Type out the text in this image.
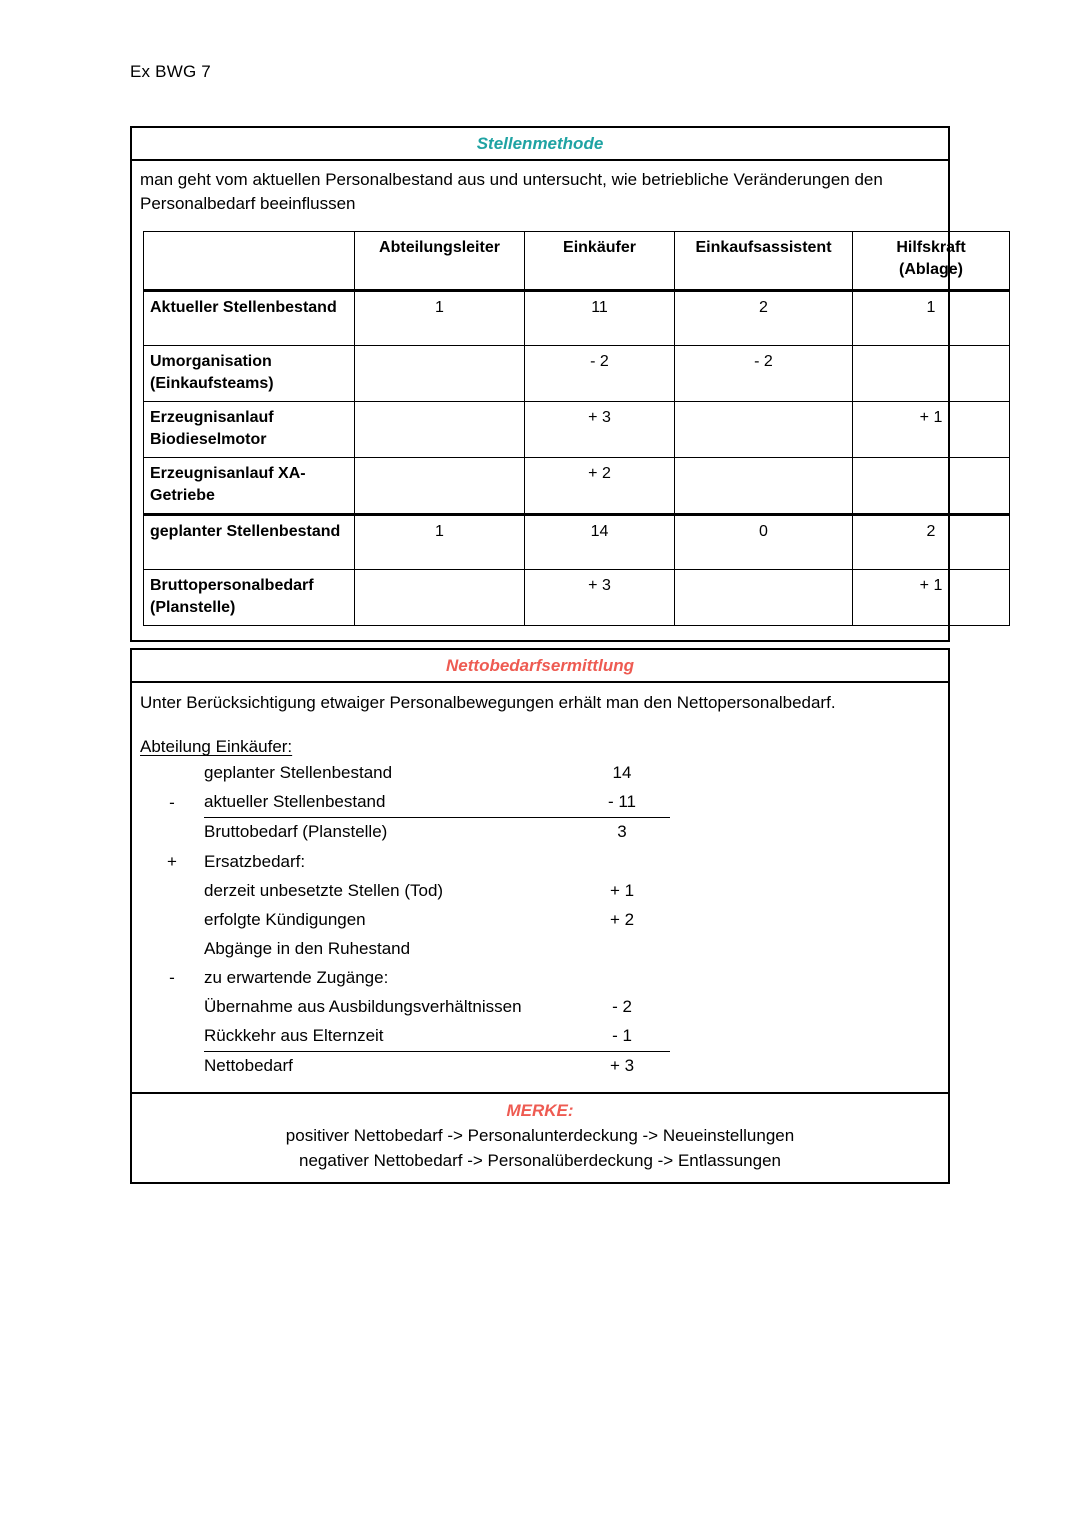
Ex BWG 7
Stellenmethode
man geht vom aktuellen Personalbestand aus und untersucht, wie betriebliche Veränderungen den Personalbedarf beeinflussen
	Abteilungsleiter	Einkäufer	Einkaufsassistent	Hilfskraft
(Ablage)
Aktueller Stellenbestand	1	11	2	1
Umorganisation (Einkaufsteams)		- 2	- 2	
Erzeugnisanlauf Biodieselmotor		+ 3		+ 1
Erzeugnisanlauf XA-Getriebe		+ 2		
geplanter Stellenbestand	1	14	0	2
Bruttopersonalbedarf (Planstelle)		+ 3		+ 1
Nettobedarfsermittlung
Unter Berücksichtigung etwaiger Personalbewegungen erhält man den Nettopersonalbedarf.
Abteilung Einkäufer:
	geplanter Stellenbestand	14
-	aktueller Stellenbestand	- 11
	Bruttobedarf (Planstelle)	3
+	Ersatzbedarf:	
	derzeit unbesetzte Stellen (Tod)	+ 1
	erfolgte Kündigungen	+ 2
	Abgänge in den Ruhestand	
-	zu erwartende Zugänge:	
	Übernahme aus Ausbildungsverhältnissen	- 2
	Rückkehr aus Elternzeit	- 1
	Nettobedarf	+ 3
MERKE:
positiver Nettobedarf -> Personalunterdeckung -> Neueinstellungen
negativer Nettobedarf -> Personalüberdeckung -> Entlassungen
